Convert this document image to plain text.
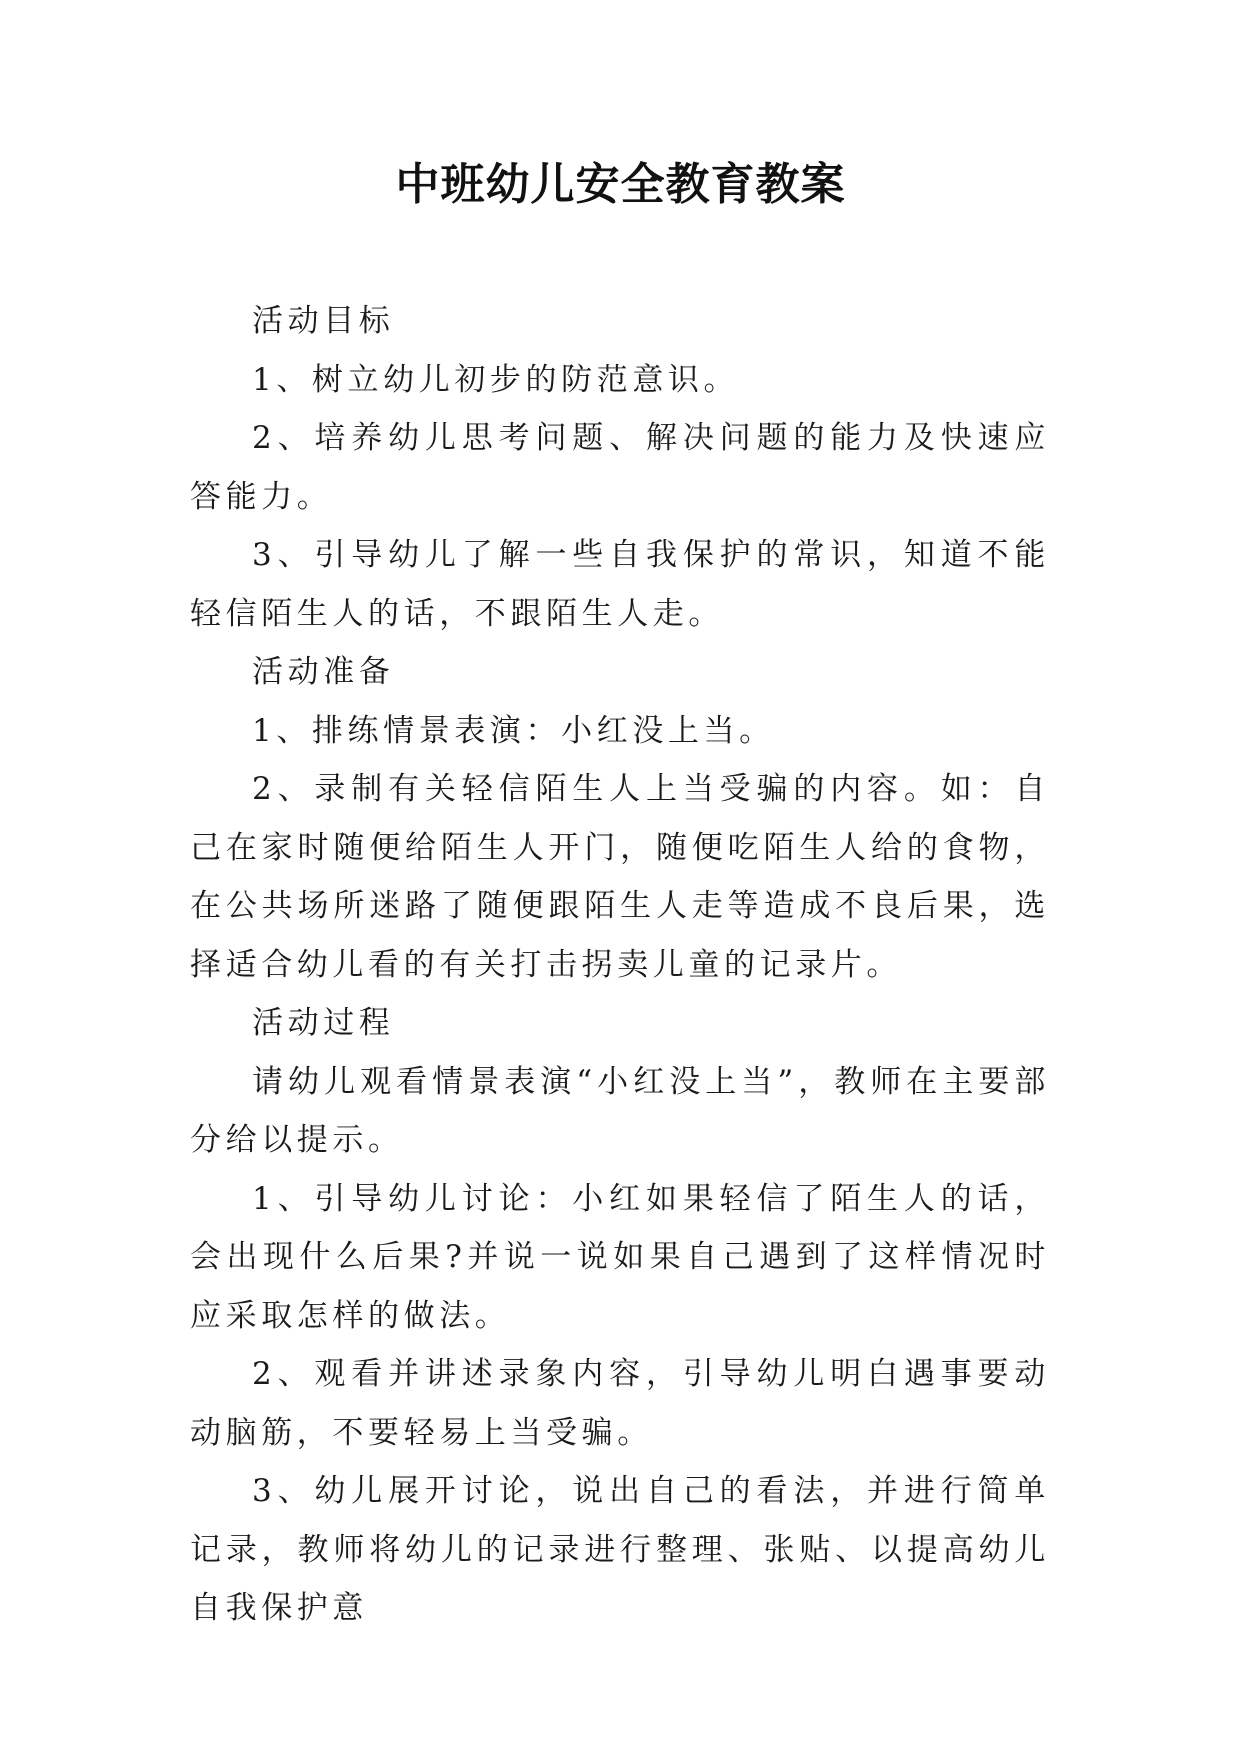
中班幼儿安全教育教案

活动目标

1、树立幼儿初步的防范意识。

2、培养幼儿思考问题、解决问题的能力及快速应答能力。

3、引导幼儿了解一些自我保护的常识，知道不能轻信陌生人的话，不跟陌生人走。

活动准备

1、排练情景表演：小红没上当。

2、录制有关轻信陌生人上当受骗的内容。如：自己在家时随便给陌生人开门，随便吃陌生人给的食物，在公共场所迷路了随便跟陌生人走等造成不良后果，选择适合幼儿看的有关打击拐卖儿童的记录片。

活动过程

请幼儿观看情景表演“小红没上当”，教师在主要部分给以提示。

1、引导幼儿讨论：小红如果轻信了陌生人的话，会出现什么后果?并说一说如果自己遇到了这样情况时应采取怎样的做法。

2、观看并讲述录象内容，引导幼儿明白遇事要动动脑筋，不要轻易上当受骗。

3、幼儿展开讨论，说出自己的看法，并进行简单记录，教师将幼儿的记录进行整理、张贴、以提高幼儿自我保护意
